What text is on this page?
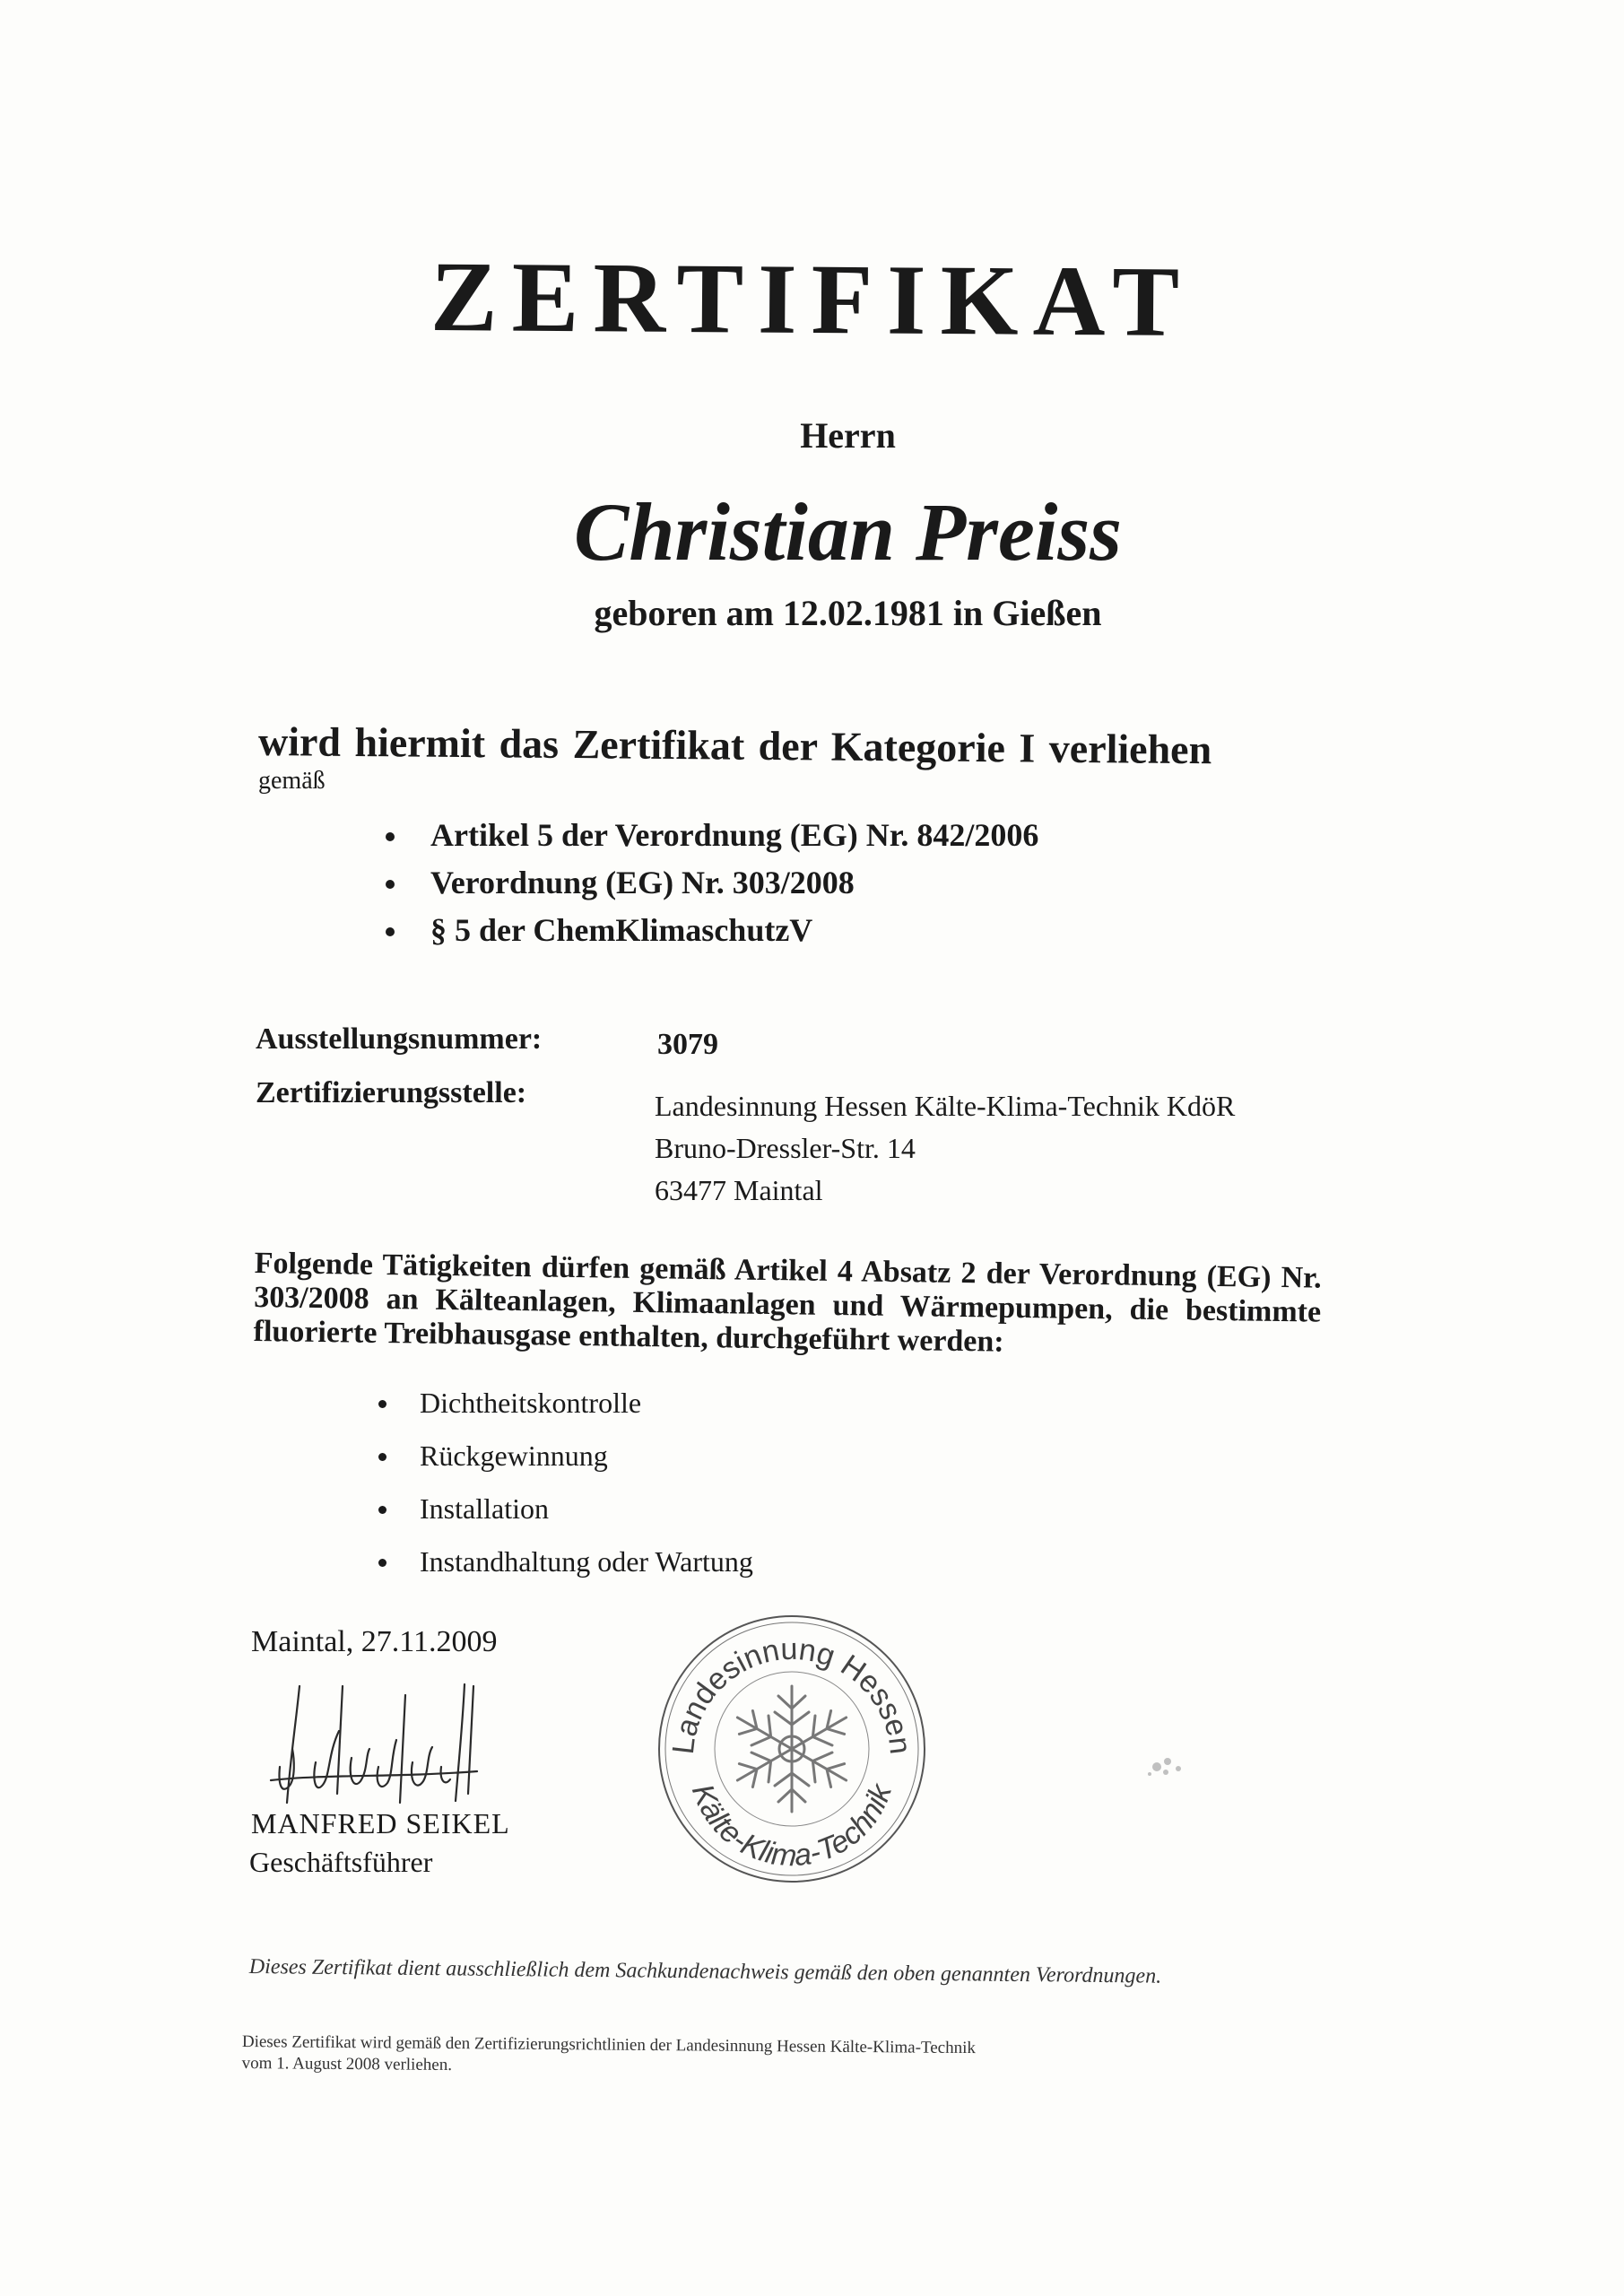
ZERTIFIKAT
Herrn
Christian Preiss
geboren am 12.02.1981 in Gießen
wird hiermit das Zertifikat der Kategorie I verliehen
gemäß
Artikel 5 der Verordnung (EG) Nr. 842/2006
Verordnung (EG) Nr. 303/2008
§ 5 der ChemKlimaschutzV
Ausstellungsnummer:	3079
Zertifizierungsstelle:	Landesinnung Hessen Kälte-Klima-Technik KdöR
Bruno-Dressler-Str. 14
63477 Maintal
Folgende Tätigkeiten dürfen gemäß Artikel 4 Absatz 2 der Verordnung (EG) Nr. 303/2008 an Kälteanlagen, Klimaanlagen und Wärmepumpen, die bestimmte fluorierte Treibhausgase enthalten, durchgeführt werden:
Dichtheitskontrolle
Rückgewinnung
Installation
Instandhaltung oder Wartung
Maintal, 27.11.2009
MANFRED SEIKEL
Geschäftsführer
Landesinnung Hessen
Kälte-Klima-Technik
Dieses Zertifikat dient ausschließlich dem Sachkundenachweis gemäß den oben genannten Verordnungen.
Dieses Zertifikat wird gemäß den Zertifizierungsrichtlinien der Landesinnung Hessen Kälte-Klima-Technik
vom 1. August 2008 verliehen.
